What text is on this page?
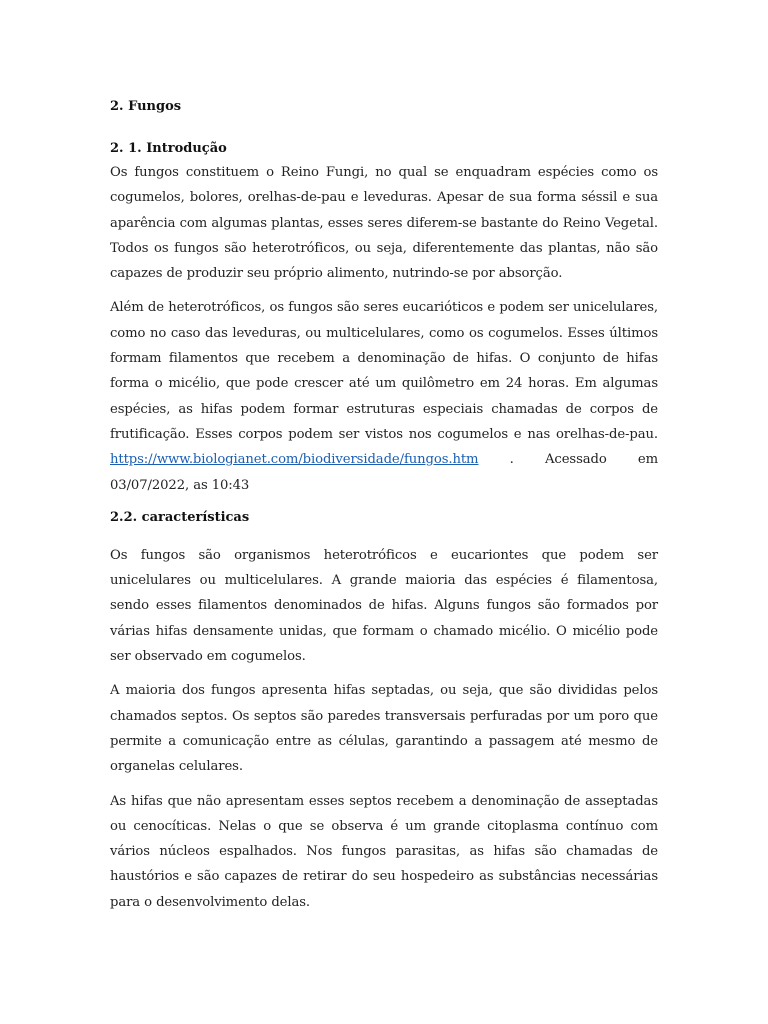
2. Fungos
2. 1. Introdução

Os fungos constituem o Reino Fungi, no qual se enquadram espécies como os cogumelos, bolores, orelhas-de-pau e leveduras. Apesar de sua forma séssil e sua aparência com algumas plantas, esses seres diferem-se bastante do Reino Vegetal. Todos os fungos são heterotróficos, ou seja, diferentemente das plantas, não são capazes de produzir seu próprio alimento, nutrindo-se por absorção.

Além de heterotróficos, os fungos são seres eucarióticos e podem ser unicelulares, como no caso das leveduras, ou multicelulares, como os cogumelos. Esses últimos formam filamentos que recebem a denominação de hifas. O conjunto de hifas forma o micélio, que pode crescer até um quilômetro em 24 horas. Em algumas espécies, as hifas podem formar estruturas especiais chamadas de corpos de frutificação. Esses corpos podem ser vistos nos cogumelos e nas orelhas-de-pau. https://www.biologianet.com/biodiversidade/fungos.htm . Acessado em 03/07/2022, as 10:43

2.2. características

Os fungos são organismos heterotróficos e eucariontes que podem ser unicelulares ou multicelulares. A grande maioria das espécies é filamentosa, sendo esses filamentos denominados de hifas. Alguns fungos são formados por várias hifas densamente unidas, que formam o chamado micélio. O micélio pode ser observado em cogumelos.

A maioria dos fungos apresenta hifas septadas, ou seja, que são divididas pelos chamados septos. Os septos são paredes transversais perfuradas por um poro que permite a comunicação entre as células, garantindo a passagem até mesmo de organelas celulares.

As hifas que não apresentam esses septos recebem a denominação de asseptadas ou cenocíticas. Nelas o que se observa é um grande citoplasma contínuo com vários núcleos espalhados. Nos fungos parasitas, as hifas são chamadas de haustórios e são capazes de retirar do seu hospedeiro as substâncias necessárias para o desenvolvimento delas.
